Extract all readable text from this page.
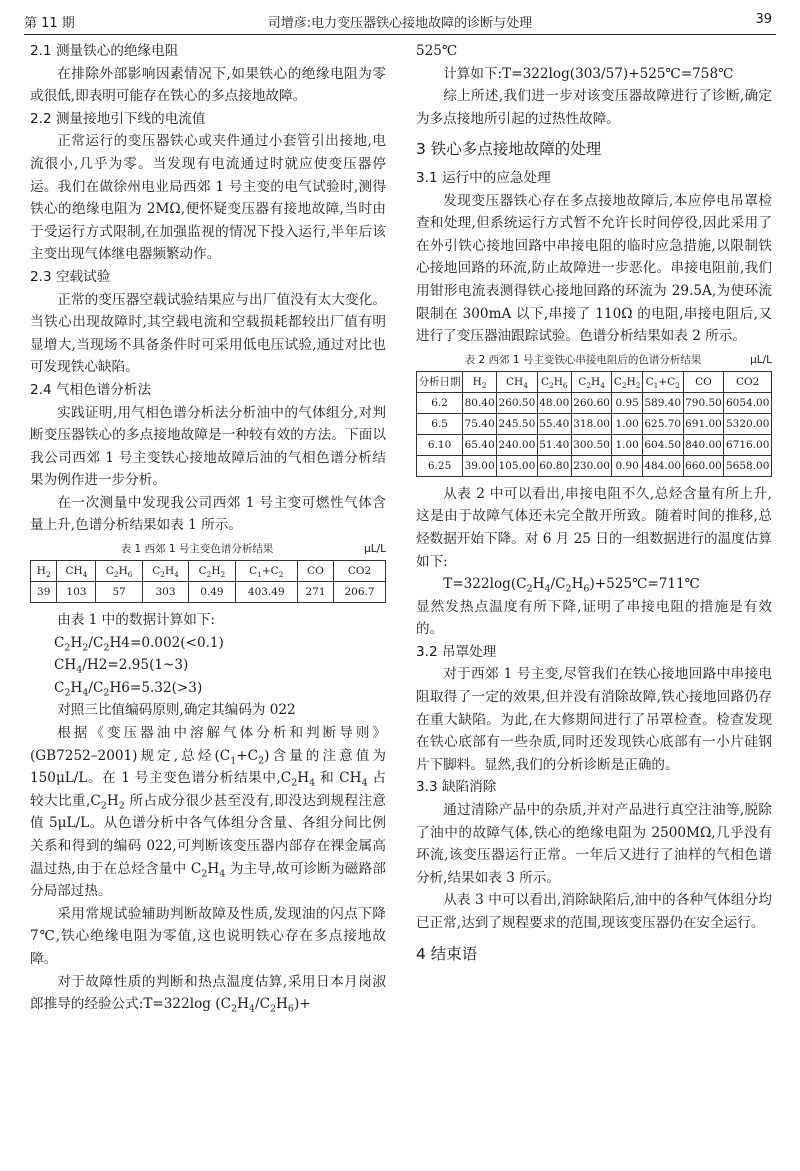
第 11 期	司增彦:电力变压器铁心接地故障的诊断与处理	39

2.1 测量铁心的绝缘电阻

在排除外部影响因素情况下,如果铁心的绝缘电阻为零或很低,即表明可能存在铁心的多点接地故障。

2.2 测量接地引下线的电流值

正常运行的变压器铁心或夹件通过小套管引出接地,电流很小,几乎为零。当发现有电流通过时就应使变压器停运。我们在做徐州电业局西郊 1 号主变的电气试验时,测得铁心的绝缘电阻为 2MΩ,便怀疑变压器有接地故障,当时由于受运行方式限制,在加强监视的情况下投入运行,半年后该主变出现气体继电器频繁动作。

2.3 空载试验

正常的变压器空载试验结果应与出厂值没有太大变化。当铁心出现故障时,其空载电流和空载损耗都较出厂值有明显增大,当现场不具备条件时可采用低电压试验,通过对比也可发现铁心缺陷。

2.4 气相色谱分析法

实践证明,用气相色谱分析法分析油中的气体组分,对判断变压器铁心的多点接地故障是一种较有效的方法。下面以我公司西郊 1 号主变铁心接地故障后油的气相色谱分析结果为例作进一步分析。

在一次测量中发现我公司西郊 1 号主变可燃性气体含量上升,色谱分析结果如表 1 所示。

表 1 西郊 1 号主变色谱分析结果	μL/L
$H_2$	$CH_4$	$C_2H_6$	$C_2H_4$	$C_2H_2$	$C_1+C_2$	CO	CO2
39	103	57	303	0.49	403.49	271	206.7

由表 1 中的数据计算如下:

$C_2H_2/C_2H4=0.002(<0.1)$

$CH_4/H2=2.95(1\sim 3)$

$C_2H_4/C_2H6=5.32(>3)$

对照三比值编码原则,确定其编码为 022

根据《变压器油中溶解气体分析和判断导则》(GB7252–2001)规定,总烃$(C_1+C_2)$含量的注意值为 150μL/L。在 1 号主变色谱分析结果中$,C_2H_4$ 和 $CH_4$ 占较大比重$,C_2H_2$ 所占成分很少甚至没有,即没达到规程注意值 5μL/L。从色谱分析中各气体组分含量、各组分间比例关系和得到的编码 022,可判断该变压器内部存在裸金属高温过热,由于在总烃含量中 $C_2H_4$ 为主导,故可诊断为磁路部分局部过热。

采用常规试验辅助判断故障及性质,发现油的闪点下降 7℃,铁心绝缘电阻为零值,这也说明铁心存在多点接地故障。

对于故障性质的判断和热点温度估算,采用日本月岗淑郎推导的经验公式:T=322log $(C_2H_4/C_2H_6)+$

525℃

计算如下:T=322log(303/57)+525℃=758℃

综上所述,我们进一步对该变压器故障进行了诊断,确定为多点接地所引起的过热性故障。

3 铁心多点接地故障的处理

3.1 运行中的应急处理

发现变压器铁心存在多点接地故障后,本应停电吊罩检查和处理,但系统运行方式暂不允许长时间停役,因此采用了在外引铁心接地回路中串接电阻的临时应急措施,以限制铁心接地回路的环流,防止故障进一步恶化。串接电阻前,我们用钳形电流表测得铁心接地回路的环流为 29.5A,为使环流限制在 300mA 以下,串接了 110Ω 的电阻,串接电阻后,又进行了变压器油跟踪试验。色谱分析结果如表 2 所示。

表 2 西郊 1 号主变铁心串接电阻后的色谱分析结果	μL/L
分析日期	$H_2$	$CH_4$	$C_2H_6$	$C_2H_4$	$C_2H_2$	$C_1+C_2$	CO	CO2
6.2	80.40	260.50	48.00	260.60	0.95	589.40	790.50	6054.00
6.5	75.40	245.50	55.40	318.00	1.00	625.70	691.00	5320.00
6.10	65.40	240.00	51.40	300.50	1.00	604.50	840.00	6716.00
6.25	39.00	105.00	60.80	230.00	0.90	484.00	660.00	5658.00

从表 2 中可以看出,串接电阻不久,总烃含量有所上升,这是由于故障气体还未完全散开所致。随着时间的推移,总烃数据开始下降。对 6 月 25 日的一组数据进行的温度估算如下:

$T=322\log(C_2H_4/C_2H_6)+525℃=711℃$

显然发热点温度有所下降,证明了串接电阻的措施是有效的。

3.2 吊罩处理

对于西郊 1 号主变,尽管我们在铁心接地回路中串接电阻取得了一定的效果,但并没有消除故障,铁心接地回路仍存在重大缺陷。为此,在大修期间进行了吊罩检查。检查发现在铁心底部有一些杂质,同时还发现铁心底部有一小片硅钢片下脚料。显然,我们的分析诊断是正确的。

3.3 缺陷消除

通过清除产品中的杂质,并对产品进行真空注油等,脱除了油中的故障气体,铁心的绝缘电阻为 2500MΩ,几乎没有环流,该变压器运行正常。一年后又进行了油样的气相色谱分析,结果如表 3 所示。

从表 3 中可以看出,消除缺陷后,油中的各种气体组分均已正常,达到了规程要求的范围,现该变压器仍在安全运行。

4 结束语
